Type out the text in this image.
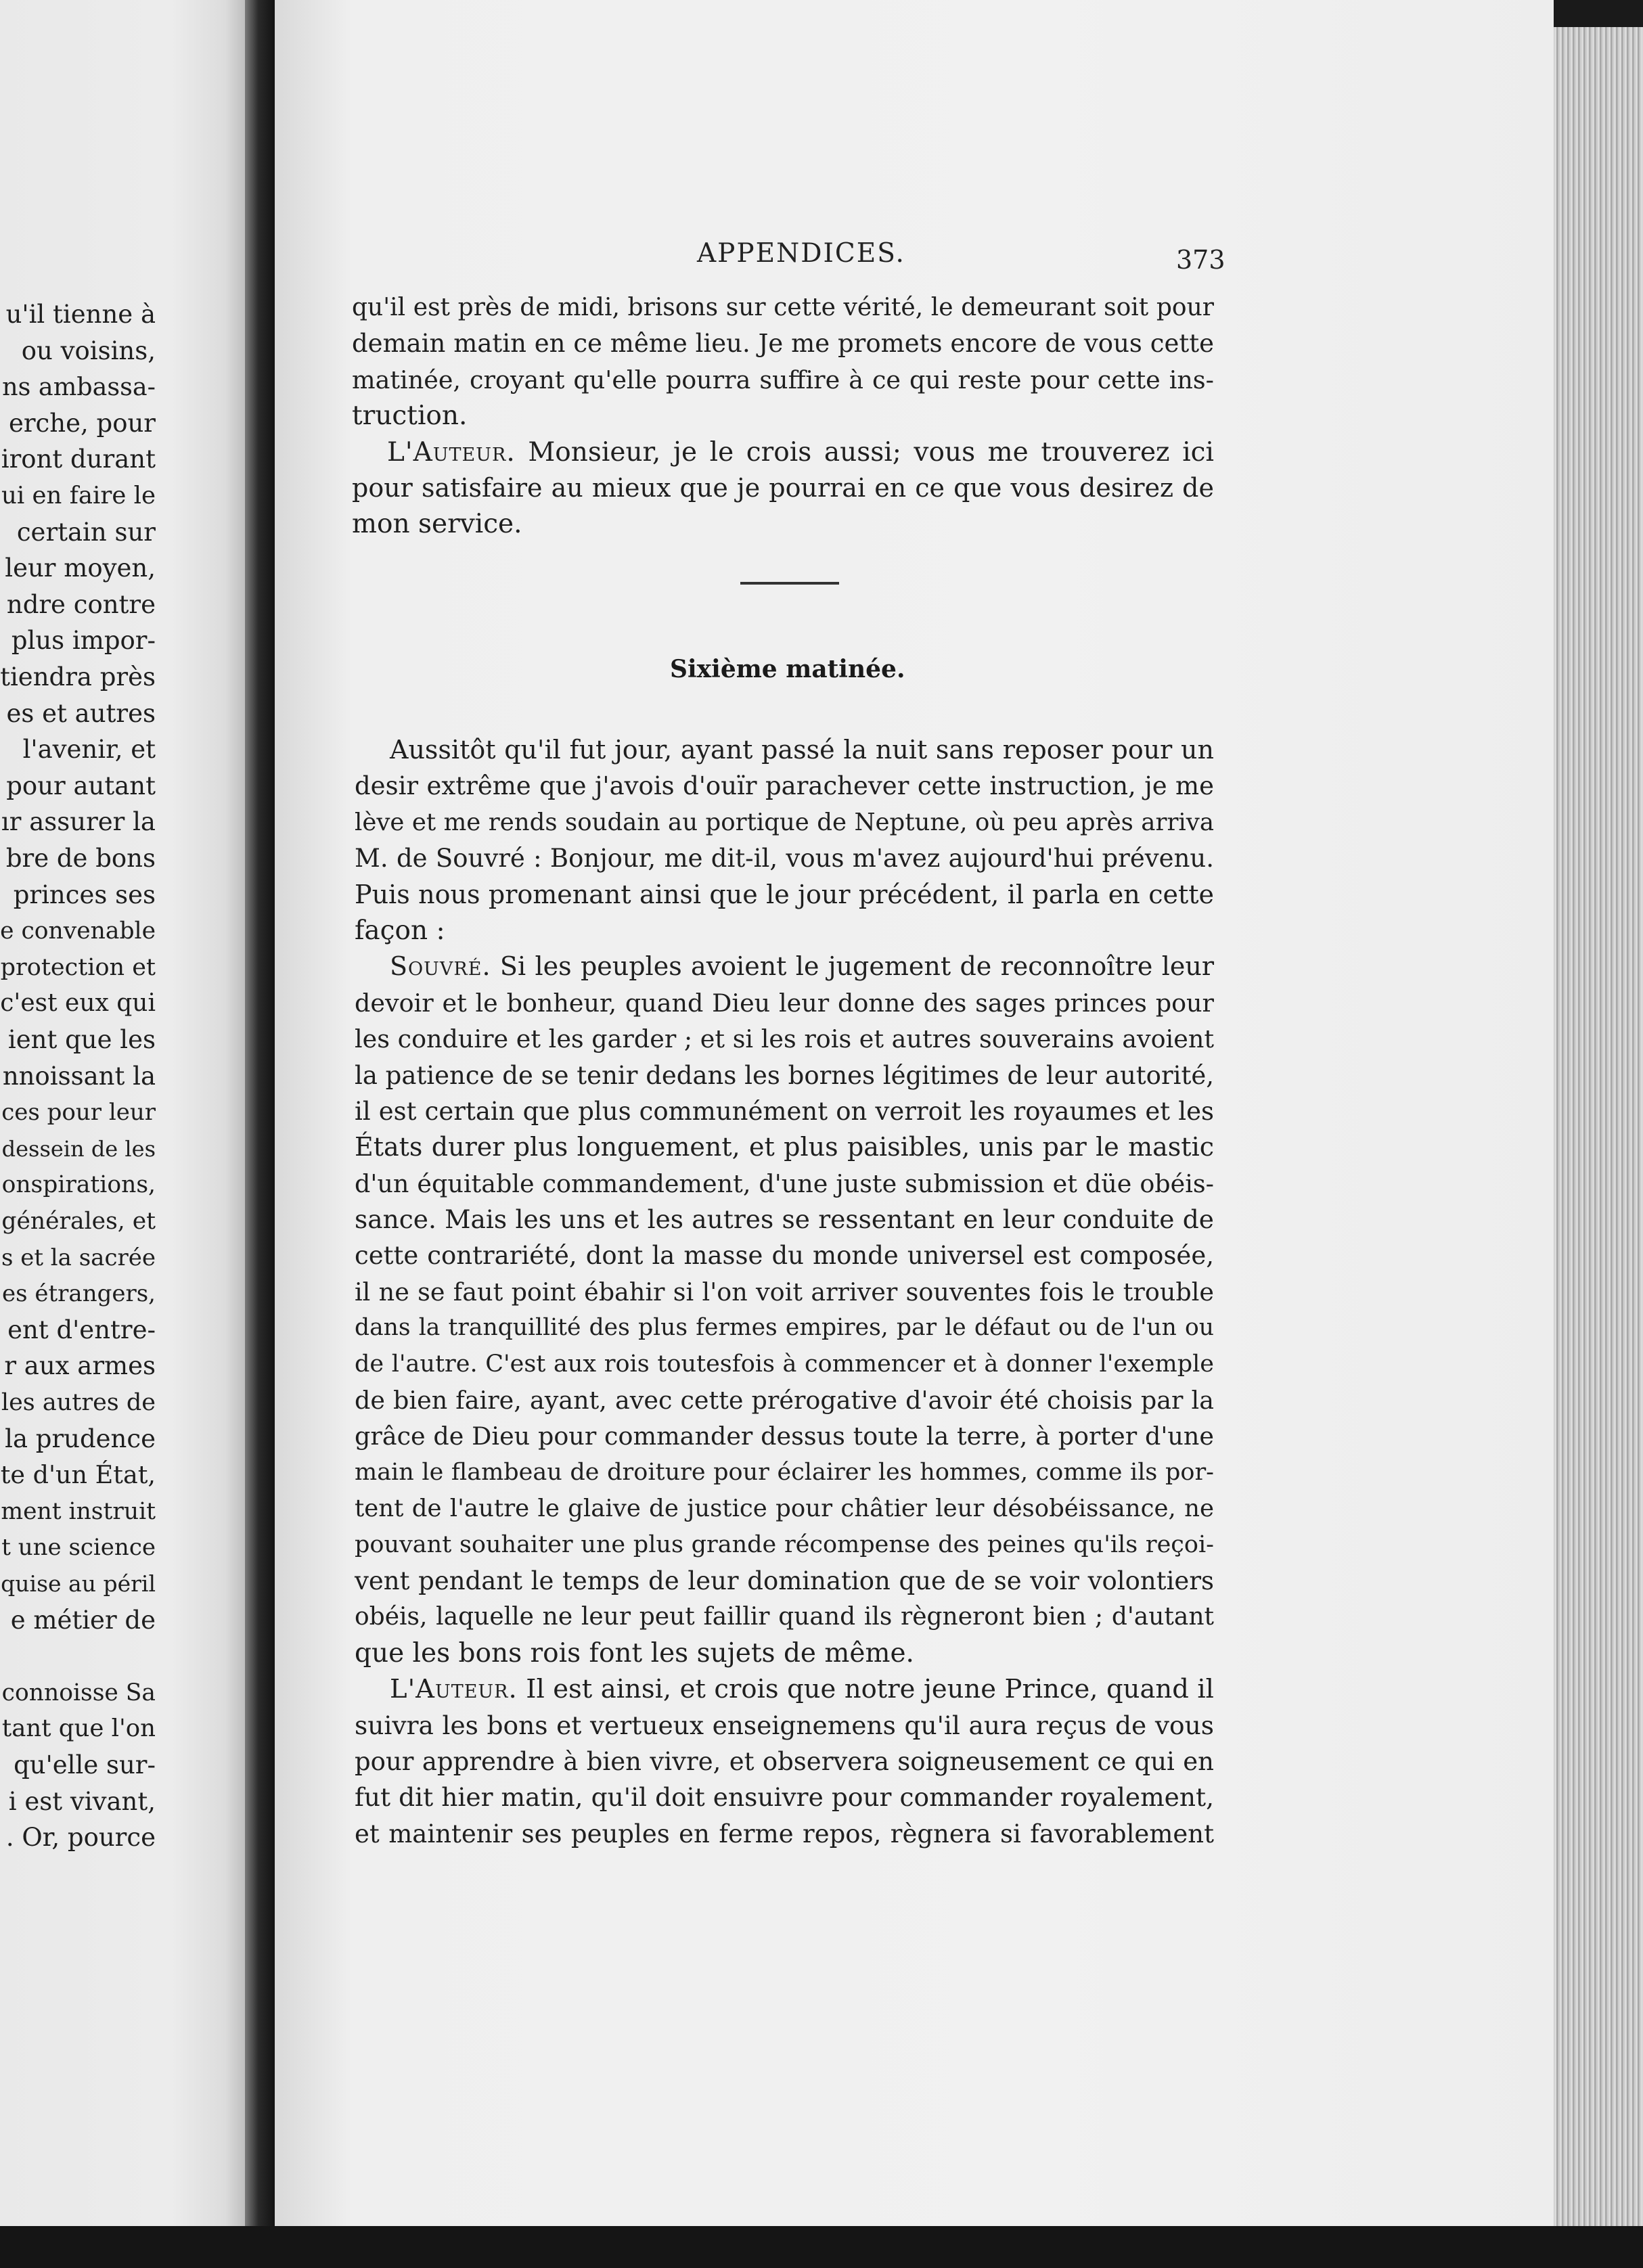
u'il tienne à
ou voisins,
ns ambassa-
erche, pour
iront durant
ui en faire le
certain sur
leur moyen,
ndre contre
plus impor-
tiendra près
es et autres
l'avenir, et
pour autant
ır assurer la
bre de bons
princes ses
e convenable
protection et
c'est eux qui
ient que les
nnoissant la
ces pour leur
dessein de les
onspirations,
générales, et
s et la sacrée
es étrangers,
ent d'entre-
r aux armes
les autres de
la prudence
te d'un État,
ment instruit
t une science
quise au péril
e métier de
connoisse Sa
tant que l'on
qu'elle sur-
i est vivant,
. Or, pource
APPENDICES.	373
qu'il est près de midi, brisons sur cette vérité, le demeurant soit pour
demain matin en ce même lieu. Je me promets encore de vous cette
matinée, croyant qu'elle pourra suffire à ce qui reste pour cette ins-
truction.
L'Auteur. Monsieur, je le crois aussi; vous me trouverez ici
pour satisfaire au mieux que je pourrai en ce que vous desirez de
mon service.
Sixième matinée.
Aussitôt qu'il fut jour, ayant passé la nuit sans reposer pour un
desir extrême que j'avois d'ouïr parachever cette instruction, je me
lève et me rends soudain au portique de Neptune, où peu après arriva
M. de Souvré : Bonjour, me dit-il, vous m'avez aujourd'hui prévenu.
Puis nous promenant ainsi que le jour précédent, il parla en cette
façon :
Souvré. Si les peuples avoient le jugement de reconnoître leur
devoir et le bonheur, quand Dieu leur donne des sages princes pour
les conduire et les garder ; et si les rois et autres souverains avoient
la patience de se tenir dedans les bornes légitimes de leur autorité,
il est certain que plus communément on verroit les royaumes et les
États durer plus longuement, et plus paisibles, unis par le mastic
d'un équitable commandement, d'une juste submission et düe obéis-
sance. Mais les uns et les autres se ressentant en leur conduite de
cette contrariété, dont la masse du monde universel est composée,
il ne se faut point ébahir si l'on voit arriver souventes fois le trouble
dans la tranquillité des plus fermes empires, par le défaut ou de l'un ou
de l'autre. C'est aux rois toutesfois à commencer et à donner l'exemple
de bien faire, ayant, avec cette prérogative d'avoir été choisis par la
grâce de Dieu pour commander dessus toute la terre, à porter d'une
main le flambeau de droiture pour éclairer les hommes, comme ils por-
tent de l'autre le glaive de justice pour châtier leur désobéissance, ne
pouvant souhaiter une plus grande récompense des peines qu'ils reçoi-
vent pendant le temps de leur domination que de se voir volontiers
obéis, laquelle ne leur peut faillir quand ils règneront bien ; d'autant
que les bons rois font les sujets de même.
L'Auteur. Il est ainsi, et crois que notre jeune Prince, quand il
suivra les bons et vertueux enseignemens qu'il aura reçus de vous
pour apprendre à bien vivre, et observera soigneusement ce qui en
fut dit hier matin, qu'il doit ensuivre pour commander royalement,
et maintenir ses peuples en ferme repos, règnera si favorablement
